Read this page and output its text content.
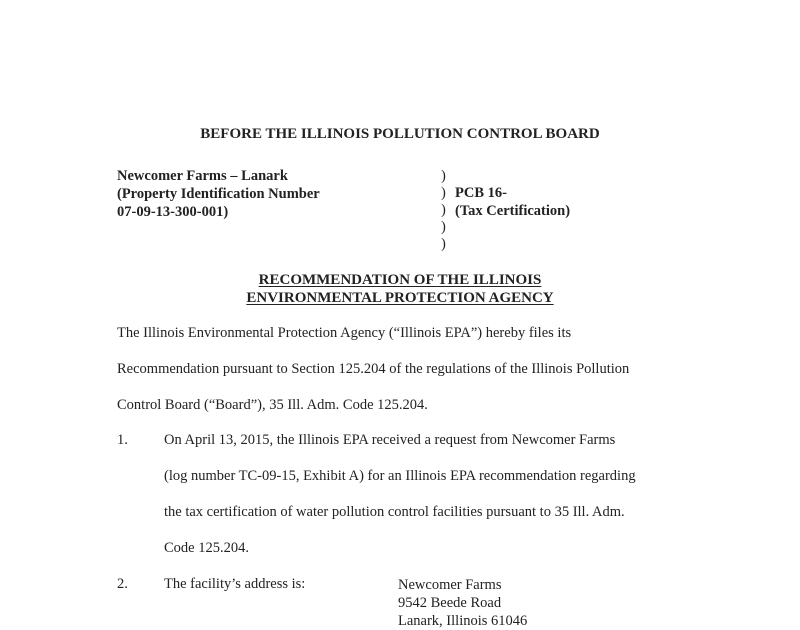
BEFORE THE ILLINOIS POLLUTION CONTROL BOARD
Newcomer Farms – Lanark
(Property Identification Number
07-09-13-300-001)
)
)
)
)
)
PCB 16-
(Tax Certification)
RECOMMENDATION OF THE ILLINOIS
ENVIRONMENTAL PROTECTION AGENCY
The Illinois Environmental Protection Agency (“Illinois EPA”) hereby files its
Recommendation pursuant to Section 125.204 of the regulations of the Illinois Pollution
Control Board (“Board”), 35 Ill. Adm. Code 125.204.
1. On April 13, 2015, the Illinois EPA received a request from Newcomer Farms
(log number TC-09-15, Exhibit A) for an Illinois EPA recommendation regarding
the tax certification of water pollution control facilities pursuant to 35 Ill. Adm.
Code 125.204.
2. The facility’s address is:	Newcomer Farms
9542 Beede Road
Lanark, Illinois 61046
